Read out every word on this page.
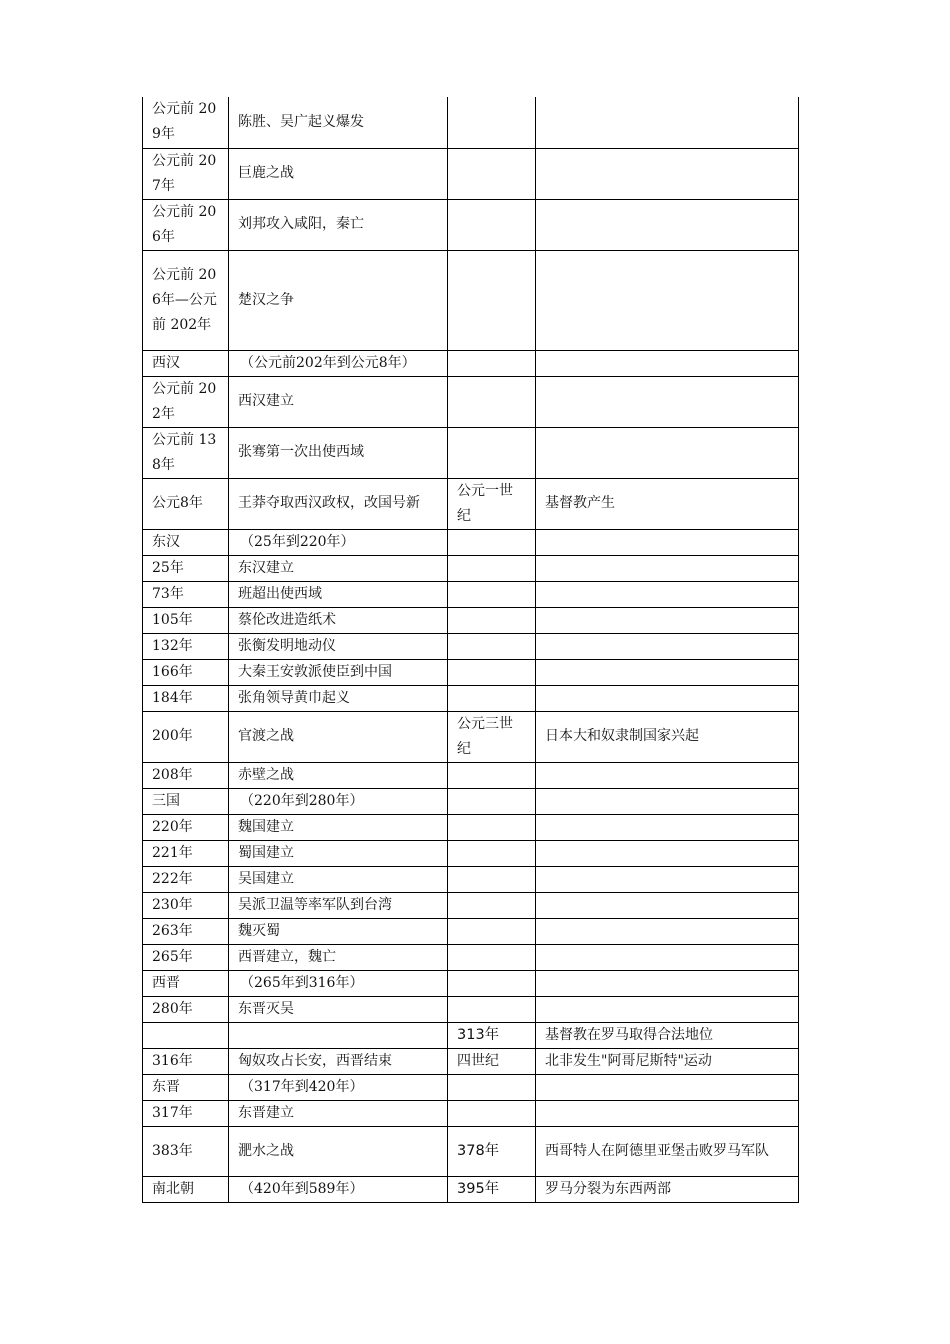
公元前 209年	陈胜、吴广起义爆发		
公元前 207年	巨鹿之战		
公元前 206年	刘邦攻入咸阳，秦亡		
公元前 206年—公元前 202年	楚汉之争		
西汉	（公元前202年到公元8年）		
公元前 202年	西汉建立		
公元前 138年	张骞第一次出使西域		
公元8年	王莽夺取西汉政权，改国号新	公元一世纪	基督教产生
东汉	（25年到220年）		
25年	东汉建立		
73年	班超出使西域		
105年	蔡伦改进造纸术		
132年	张衡发明地动仪		
166年	大秦王安敦派使臣到中国		
184年	张角领导黄巾起义		
200年	官渡之战	公元三世纪	日本大和奴隶制国家兴起
208年	赤壁之战		
三国	（220年到280年）		
220年	魏国建立		
221年	蜀国建立		
222年	吴国建立		
230年	吴派卫温等率军队到台湾		
263年	魏灭蜀		
265年	西晋建立，魏亡		
西晋	（265年到316年）		
280年	东晋灭吴		
		313年	基督教在罗马取得合法地位
316年	匈奴攻占长安，西晋结束	四世纪	北非发生"阿哥尼斯特"运动
东晋	（317年到420年）		
317年	东晋建立		
383年	淝水之战	378年	西哥特人在阿德里亚堡击败罗马军队
南北朝	（420年到589年）	395年	罗马分裂为东西两部
